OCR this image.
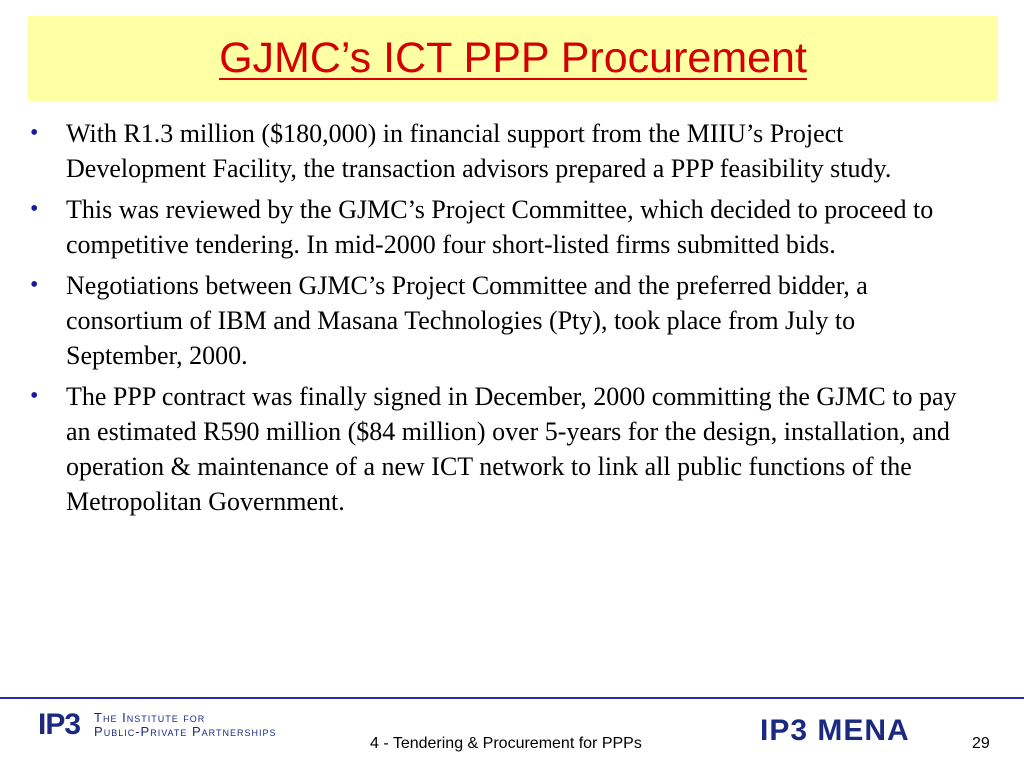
GJMC’s ICT PPP Procurement
• With R1.3 million ($180,000) in financial support from the MIIU’s Project Development Facility, the transaction advisors prepared a PPP feasibility study.
• This was reviewed by the GJMC’s Project Committee, which decided to proceed to competitive tendering. In mid-2000 four short-listed firms submitted bids.
• Negotiations between GJMC’s Project Committee and the preferred bidder, a consortium of IBM and Masana Technologies (Pty), took place from July to September, 2000.
• The PPP contract was finally signed in December, 2000 committing the GJMC to pay an estimated R590 million ($84 million) over 5-years for the design, installation, and operation & maintenance of a new ICT network to link all public functions of the Metropolitan Government.
IP3 The Institute for
Public-Private Partnerships
4 - Tendering & Procurement for PPPs	IP3 MENA	29
